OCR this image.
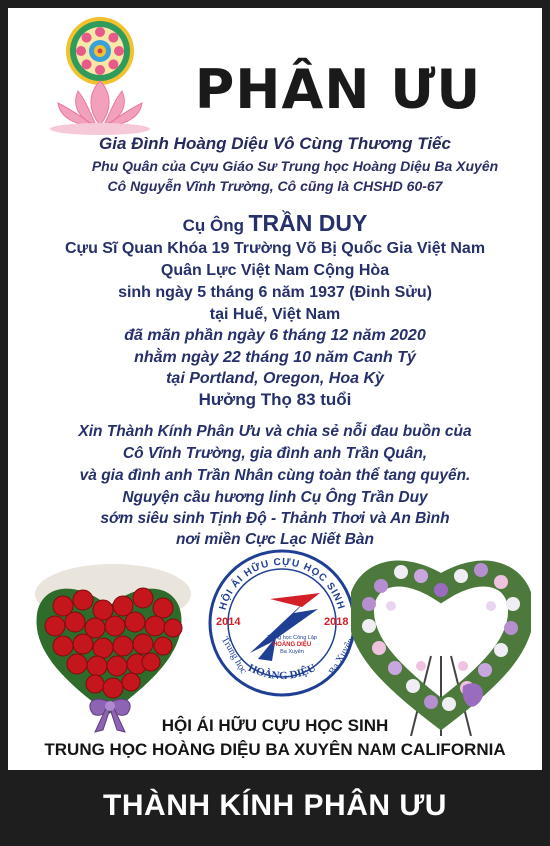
PHÂN ƯU
Gia Đình Hoàng Diệu Vô Cùng Thương Tiếc
Phu Quân của Cựu Giáo Sư Trung học Hoàng Diệu Ba Xuyên
Cô Nguyễn Vĩnh Trường, Cô cũng là CHSHD 60-67
Cụ Ông TRẦN DUY
Cựu Sĩ Quan Khóa 19 Trường Võ Bị Quốc Gia Việt Nam
Quân Lực Việt Nam Cộng Hòa
sinh ngày 5 tháng 6 năm 1937 (Đinh Sửu)
tại Huế, Việt Nam
đã mãn phần ngày 6 tháng 12 năm 2020
nhằm ngày 22 tháng 10 năm Canh Tý
tại Portland, Oregon, Hoa Kỳ
Hưởng Thọ 83 tuổi
Xin Thành Kính Phân Ưu và chia sẻ nỗi đau buồn của
Cô Vĩnh Trường, gia đình anh Trần Quân,
và gia đình anh Trần Nhân cùng toàn thể tang quyến.
Nguyện cầu hương linh Cụ Ông Trần Duy
sớm siêu sinh Tịnh Độ - Thảnh Thơi và An Bình
nơi miền Cực Lạc Niết Bàn
HỘI ÁI HỮU CỰU HỌC SINH
2014	2018
Trung học	Ba Xuyên
HOÀNG DIỆU
Trung học Công Lập
HOÀNG DIỆU
Ba Xuyên
HỘI ÁI HỮU CỰU HỌC SINH
TRUNG HỌC HOÀNG DIỆU BA XUYÊN NAM CALIFORNIA
THÀNH KÍNH PHÂN ƯU
